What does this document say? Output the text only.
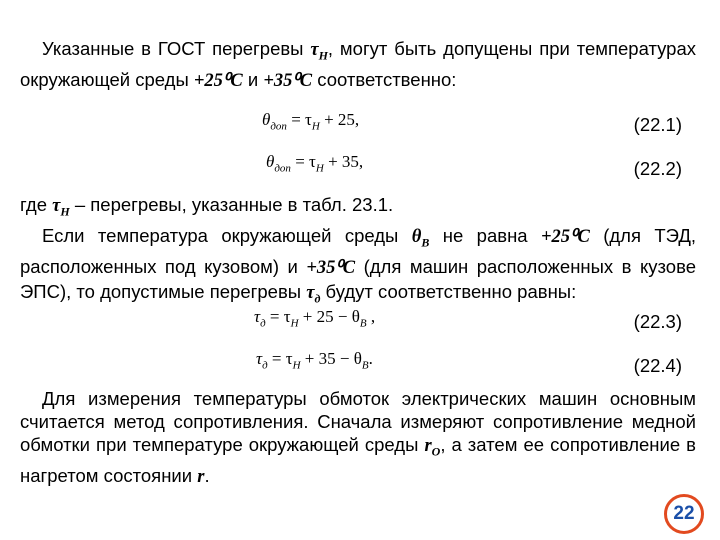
Указанные в ГОСТ перегревы $\tau_H$, могут быть допущены при температурах окружающей среды +25⁰С и +35⁰С соответственно:

$\theta_{доп} = \tau_H + 25$,	(22.1)
$\theta_{доп} = \tau_H + 35$,	(22.2)

где $\tau_H$ – перегревы, указанные в табл. 23.1.

Если температура окружающей среды $\theta_B$ не равна +25⁰С (для ТЭД, расположенных под кузовом) и +35⁰С (для машин расположенных в кузове ЭПС), то допустимые перегревы $\tau_д$ будут соответственно равны:

$\tau_д = \tau_H + 25 - \theta_B$ ,	(22.3)
$\tau_д = \tau_H + 35 - \theta_B$.	(22.4)

Для измерения температуры обмоток электрических машин основным считается метод сопротивления. Сначала измеряют сопротивление медной обмотки при температуре окружающей среды $r_O$, а затем ее сопротивление в нагретом состоянии r.

22
